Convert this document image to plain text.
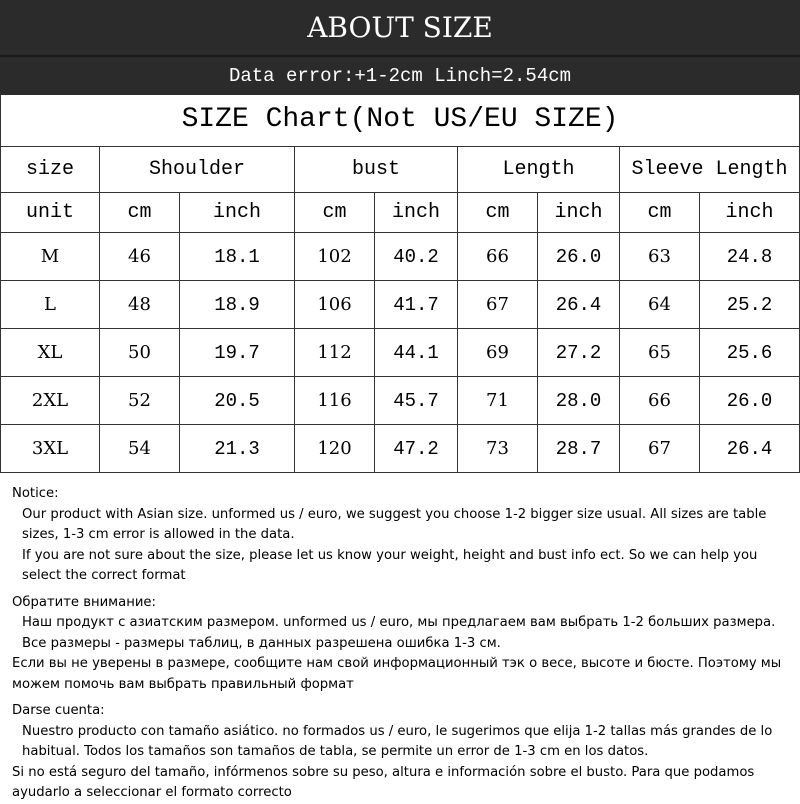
ABOUT SIZE
Data error:+1-2cm Linch=2.54cm
SIZE Chart(Not US/EU SIZE)
size	Shoulder	bust	Length	Sleeve Length
unit	cm	inch	cm	inch	cm	inch	cm	inch
M	46	18.1	102	40.2	66	26.0	63	24.8
L	48	18.9	106	41.7	67	26.4	64	25.2
XL	50	19.7	112	44.1	69	27.2	65	25.6
2XL	52	20.5	116	45.7	71	28.0	66	26.0
3XL	54	21.3	120	47.2	73	28.7	67	26.4

Notice:

Our product with Asian size. unformed us / euro, we suggest you choose 1-2 bigger size usual. All sizes are table sizes, 1-3 cm error is allowed in the data.

If you are not sure about the size, please let us know your weight, height and bust info ect. So we can help you select the correct format

Обратите внимание:

Наш продукт с азиатским размером. unformed us / euro, мы предлагаем вам выбрать 1-2 больших размера. Все размеры - размеры таблиц, в данных разрешена ошибка 1-3 см.

Если вы не уверены в размере, сообщите нам свой информационный тэк о весе, высоте и бюсте. Поэтому мы можем помочь вам выбрать правильный формат

Darse cuenta:

Nuestro producto con tamaño asiático. no formados us / euro, le sugerimos que elija 1-2 tallas más grandes de lo habitual. Todos los tamaños son tamaños de tabla, se permite un error de 1-3 cm en los datos.

Si no está seguro del tamaño, infórmenos sobre su peso, altura e información sobre el busto. Para que podamos ayudarlo a seleccionar el formato correcto
